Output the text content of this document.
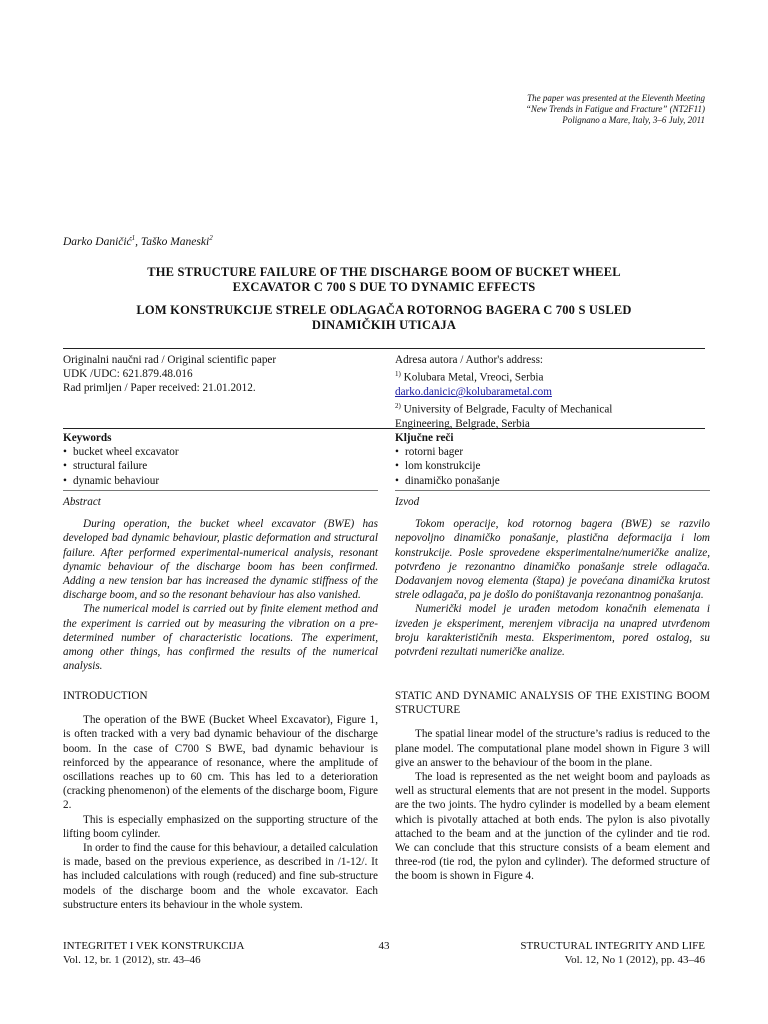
The paper was presented at the Eleventh Meeting
“New Trends in Fatigue and Fracture” (NT2F11)
Polignano a Mare, Italy, 3–6 July, 2011
Darko Daničić$^1$, Taško Maneski$^2$
THE STRUCTURE FAILURE OF THE DISCHARGE BOOM OF BUCKET WHEEL
EXCAVATOR C 700 S DUE TO DYNAMIC EFFECTS
LOM KONSTRUKCIJE STRELE ODLAGAČA ROTORNOG BAGERA C 700 S USLED
DINAMIČKIH UTICAJA

Originalni naučni rad / Original scientific paper

UDK /UDC: 621.879.48.016

Rad primljen / Paper received: 21.01.2012.

Adresa autora / Author's address:

$^{1)}$ Kolubara Metal, Vreoci, Serbia

darko.danicic@kolubarametal.com

$^{2)}$ University of Belgrade, Faculty of Mechanical

Engineering, Belgrade, Serbia

Keywords

• bucket wheel excavator
• structural failure
• dynamic behaviour

Ključne reči

• rotorni bager
• lom konstrukcije
• dinamičko ponašanje

Abstract

During operation, the bucket wheel excavator (BWE) has developed bad dynamic behaviour, plastic deformation and structural failure. After performed experimental-numerical analysis, resonant dynamic behaviour of the discharge boom has been confirmed. Adding a new tension bar has increased the dynamic stiffness of the discharge boom, and so the resonant behaviour has also vanished.

The numerical model is carried out by finite element method and the experiment is carried out by measuring the vibration on a pre-determined number of characteristic locations. The experiment, among other things, has confirmed the results of the numerical analysis.

Izvod

Tokom operacije, kod rotornog bagera (BWE) se razvilo nepovoljno dinamičko ponašanje, plastična deformacija i lom konstrukcije. Posle sprovedene eksperimentalne/numeričke analize, potvrđeno je rezonantno dinamičko ponašanje strele odlagača. Dodavanjem novog elementa (štapa) je povećana dinamička krutost strele odlagača, pa je došlo do poništavanja rezonantnog ponašanja.

Numerički model je urađen metodom konačnih elemenata i izveden je eksperiment, merenjem vibracija na unapred utvrđenom broju karakterističnih mesta. Eksperimentom, pored ostalog, su potvrđeni rezultati numeričke analize.

INTRODUCTION

The operation of the BWE (Bucket Wheel Excavator), Figure 1, is often tracked with a very bad dynamic behaviour of the discharge boom. In the case of C700 S BWE, bad dynamic behaviour is reinforced by the appearance of resonance, where the amplitude of oscillations reaches up to 60 cm. This has led to a deterioration (cracking phenomenon) of the elements of the discharge boom, Figure 2.

This is especially emphasized on the supporting structure of the lifting boom cylinder.

In order to find the cause for this behaviour, a detailed calculation is made, based on the previous experience, as described in /1-12/. It has included calculations with rough (reduced) and fine sub-structure models of the discharge boom and the whole excavator. Each substructure enters its behaviour in the whole system.

STATIC AND DYNAMIC ANALYSIS OF THE EXISTING BOOM STRUCTURE

The spatial linear model of the structure’s radius is reduced to the plane model. The computational plane model shown in Figure 3 will give an answer to the behaviour of the boom in the plane.

The load is represented as the net weight boom and payloads as well as structural elements that are not present in the model. Supports are the two joints. The hydro cylinder is modelled by a beam element which is pivotally attached at both ends. The pylon is also pivotally attached to the beam and at the junction of the cylinder and tie rod. We can conclude that this structure consists of a beam element and three-rod (tie rod, the pylon and cylinder). The deformed structure of the boom is shown in Figure 4.

INTEGRITET I VEK KONSTRUKCIJA
Vol. 12, br. 1 (2012), str. 43–46
43	STRUCTURAL INTEGRITY AND LIFE
Vol. 12, No 1 (2012), pp. 43–46
